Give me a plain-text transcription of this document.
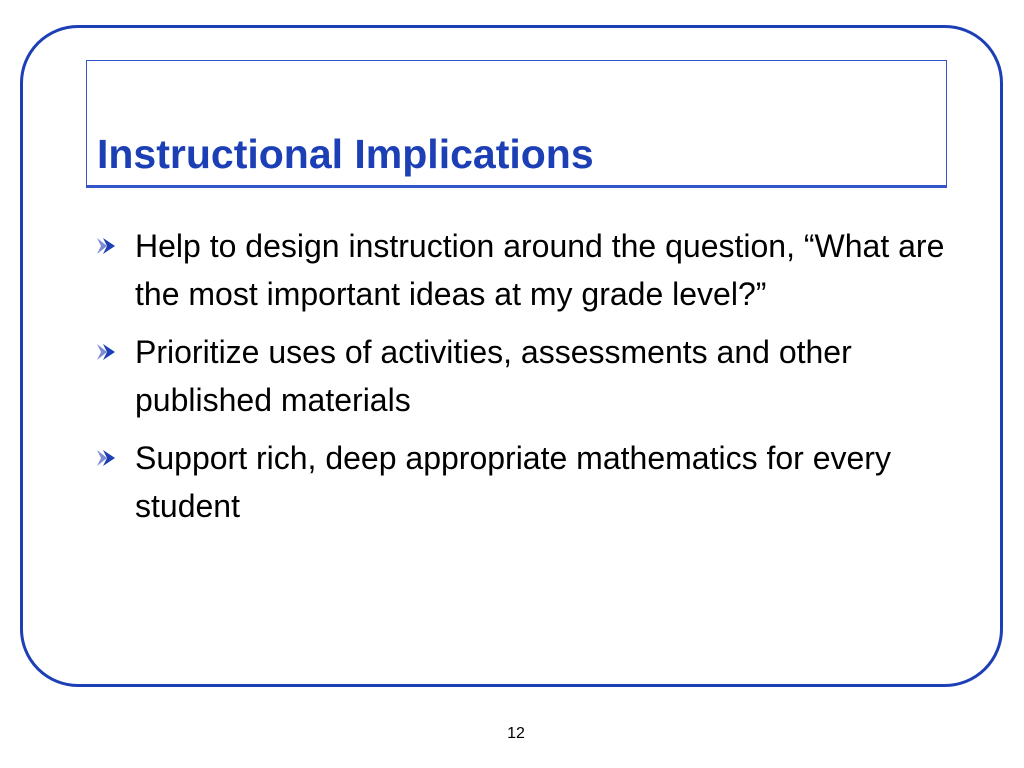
Instructional Implications
Help to design instruction around the question, “What are the most important ideas at my grade level?”
Prioritize uses of activities, assessments and other published materials
Support rich, deep appropriate mathematics for every student
12
